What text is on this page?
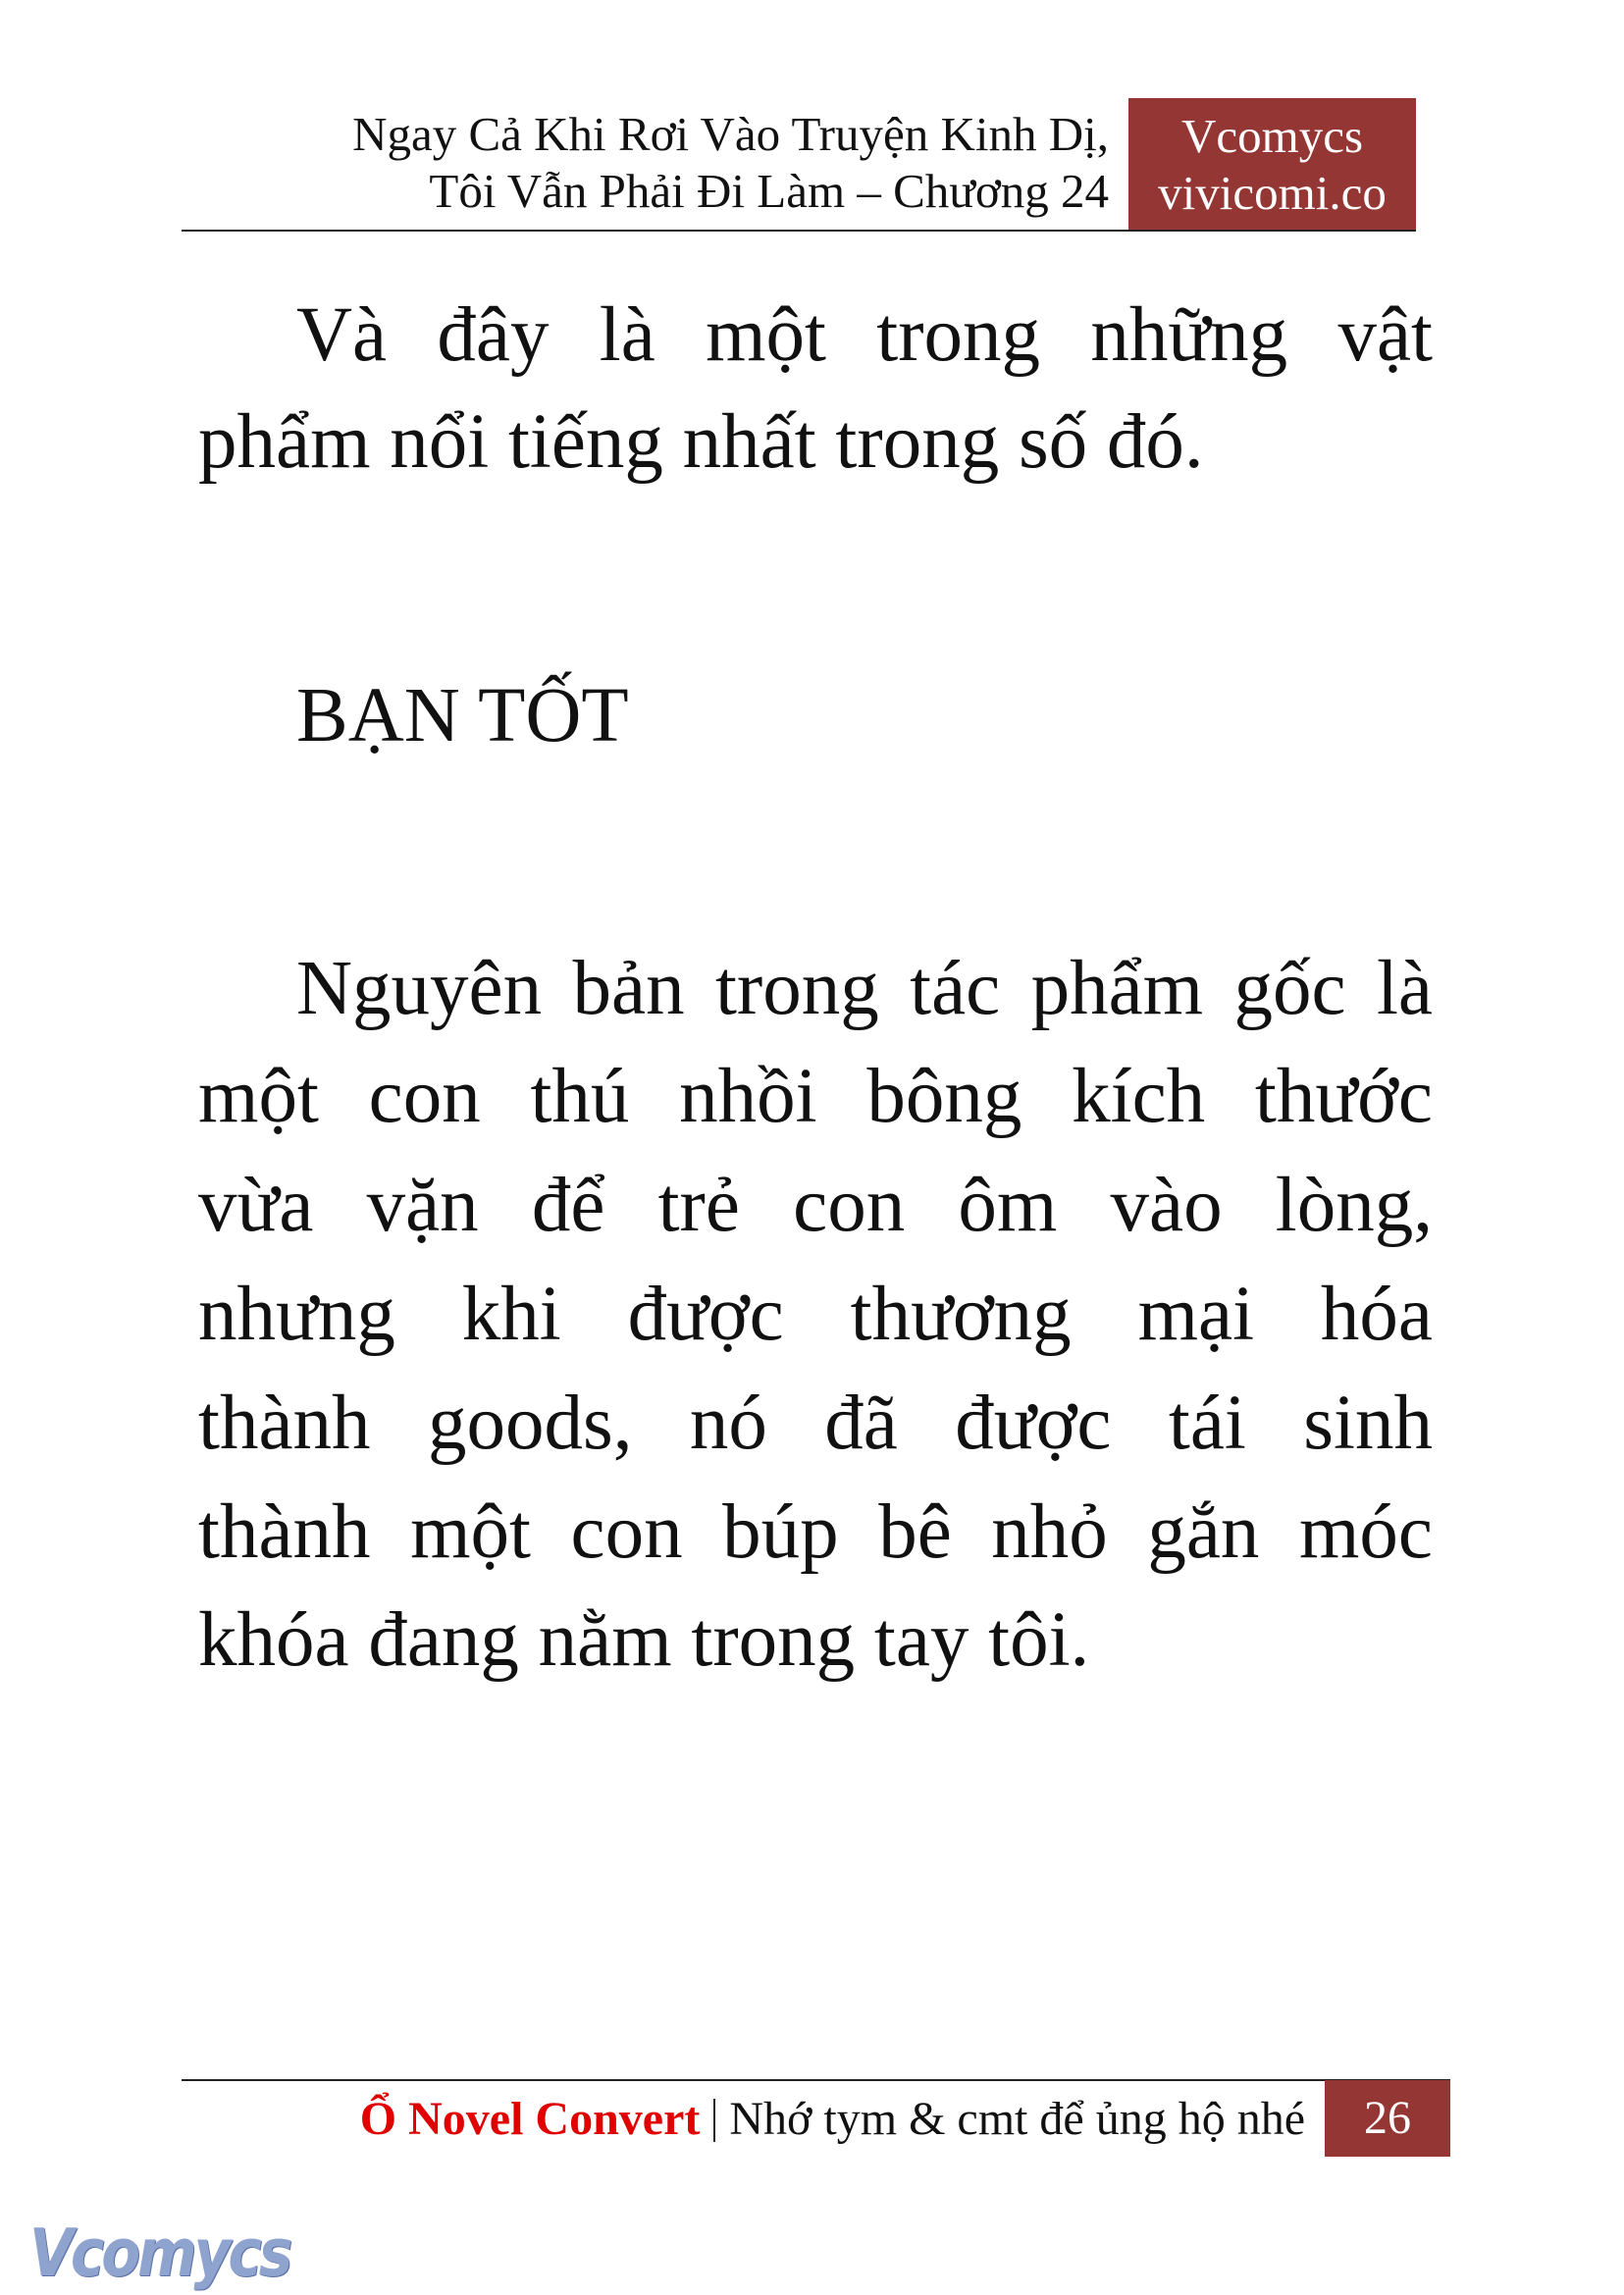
Ngay Cả Khi Rơi Vào Truyện Kinh Dị,
Tôi Vẫn Phải Đi Làm – Chương 24
Vcomycs
vivicomi.co
Và đây là một trong những vật
phẩm nổi tiếng nhất trong số đó.
BẠN TỐT
Nguyên bản trong tác phẩm gốc là
một con thú nhồi bông kích thước
vừa vặn để trẻ con ôm vào lòng,
nhưng khi được thương mại hóa
thành goods, nó đã được tái sinh
thành một con búp bê nhỏ gắn móc
khóa đang nằm trong tay tôi.
Ổ Novel Convert Nhớ tym & cmt để ủng hộ nhé	26
Vcomycs
